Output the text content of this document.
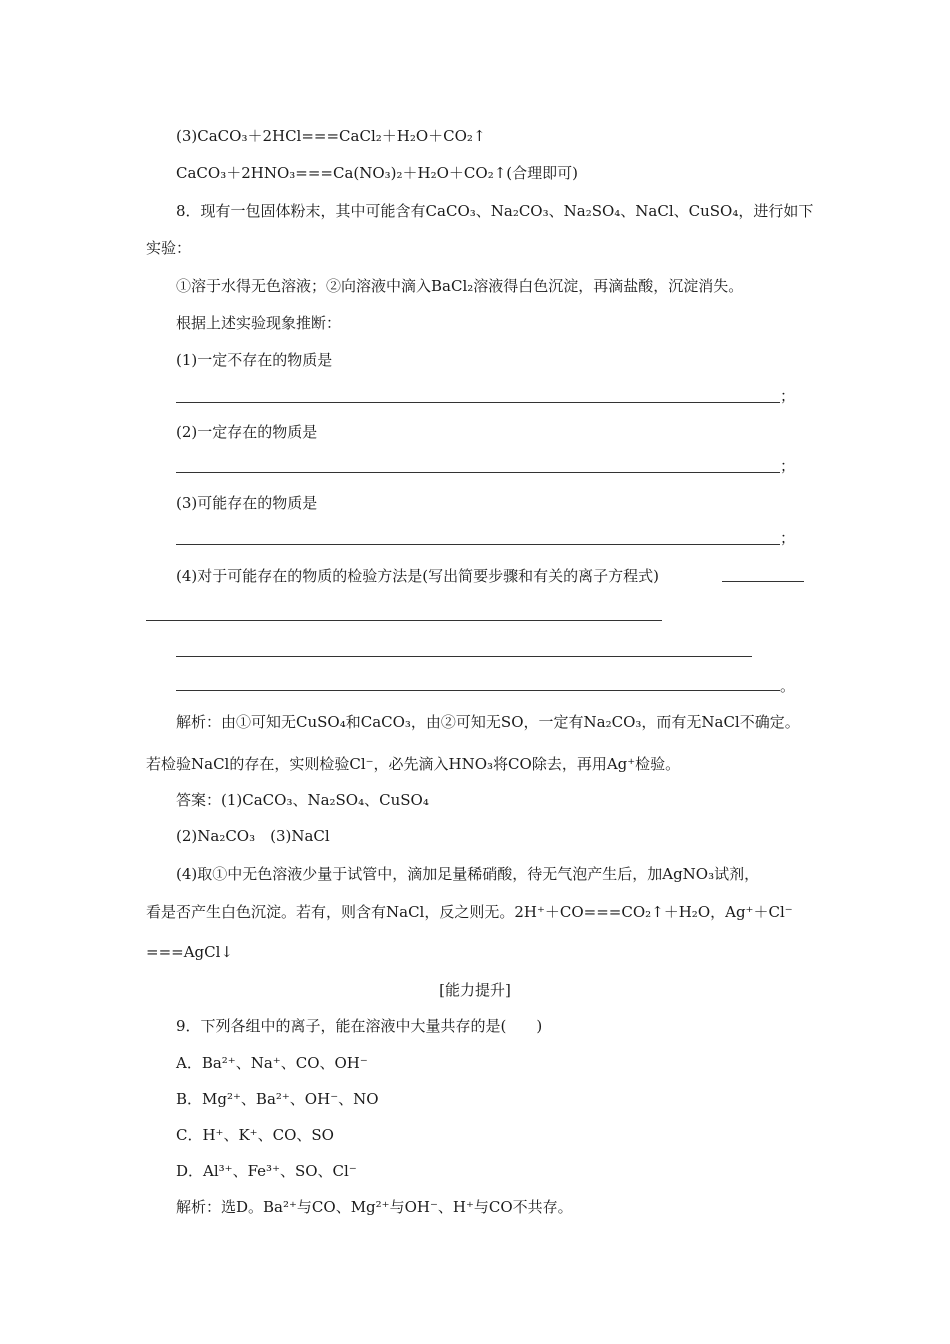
(3)CaCO₃＋2HCl===CaCl₂＋H₂O＋CO₂↑
CaCO₃＋2HNO₃===Ca(NO₃)₂＋H₂O＋CO₂↑(合理即可)
8．现有一包固体粉末，其中可能含有CaCO₃、Na₂CO₃、Na₂SO₄、NaCl、CuSO₄，进行如下
实验：
①溶于水得无色溶液；②向溶液中滴入BaCl₂溶液得白色沉淀，再滴盐酸，沉淀消失。
根据上述实验现象推断：
(1)一定不存在的物质是
；
(2)一定存在的物质是
；
(3)可能存在的物质是
；
(4)对于可能存在的物质的检验方法是(写出简要步骤和有关的离子方程式)
。
解析：由①可知无CuSO₄和CaCO₃，由②可知无SO，一定有Na₂CO₃，而有无NaCl不确定。
若检验NaCl的存在，实则检验Cl⁻，必先滴入HNO₃将CO除去，再用Ag⁺检验。
答案：(1)CaCO₃、Na₂SO₄、CuSO₄
(2)Na₂CO₃　(3)NaCl
(4)取①中无色溶液少量于试管中，滴加足量稀硝酸，待无气泡产生后，加AgNO₃试剂，
看是否产生白色沉淀。若有，则含有NaCl，反之则无。2H⁺＋CO===CO₂↑＋H₂O，Ag⁺＋Cl⁻
===AgCl↓
[能力提升]
9．下列各组中的离子，能在溶液中大量共存的是(　　)
A．Ba²⁺、Na⁺、CO、OH⁻
B．Mg²⁺、Ba²⁺、OH⁻、NO
C．H⁺、K⁺、CO、SO
D．Al³⁺、Fe³⁺、SO、Cl⁻
解析：选D。Ba²⁺与CO、Mg²⁺与OH⁻、H⁺与CO不共存。
